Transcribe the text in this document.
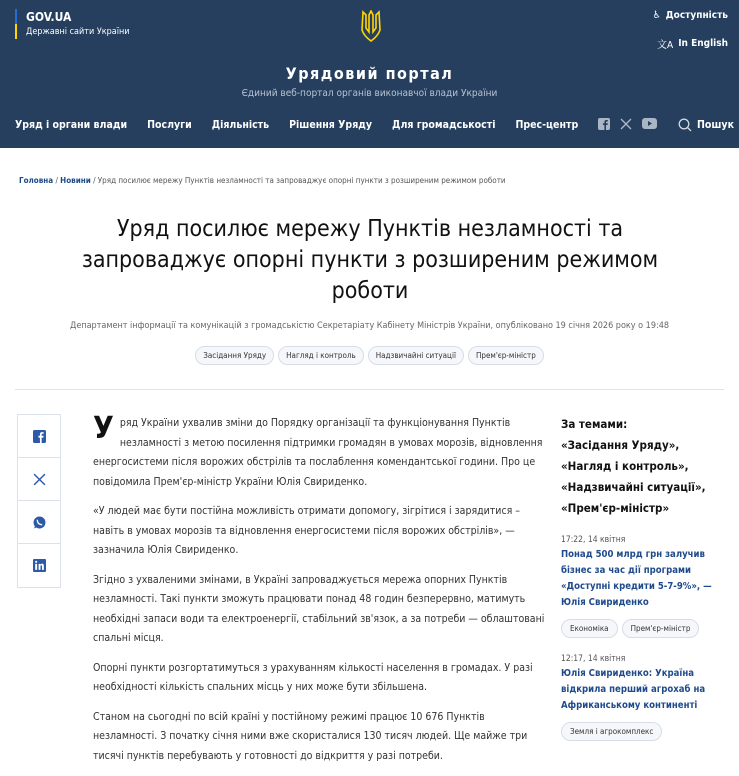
GOV.UA
Державні сайти України
♿ Доступність
文A In English
Урядовий портал
Єдиний веб-портал органів виконавчої влади України
Уряд і органи влади Послуги Діяльність Рішення Уряду Для громадськості Прес-центр	Пошук
Головна / Новини / Уряд посилює мережу Пунктів незламності та запроваджує опорні пункти з розширеним режимом роботи
Уряд посилює мережу Пунктів незламності та запроваджує опорні пункти з розширеним режимом роботи
Департамент інформації та комунікацій з громадськістю Секретаріату Кабінету Міністрів України, опубліковано 19 січня 2026 року о 19:48
Засідання Уряду	Нагляд і контроль	Надзвичайні ситуації	Прем'єр-міністр

Уряд України ухвалив зміни до Порядку організації та функціонування Пунктів незламності з метою посилення підтримки громадян в умовах морозів, відновлення енергосистеми після ворожих обстрілів та послаблення комендантської години. Про це повідомила Прем'єр-міністр України Юлія Свириденко.

«У людей має бути постійна можливість отримати допомогу, зігрітися і зарядитися – навіть в умовах морозів та відновлення енергосистеми після ворожих обстрілів», — зазначила Юлія Свириденко.

Згідно з ухваленими змінами, в Україні запроваджується мережа опорних Пунктів незламності. Такі пункти зможуть працювати понад 48 годин безперервно, матимуть необхідні запаси води та електроенергії, стабільний зв'язок, а за потреби — облаштовані спальні місця.

Опорні пункти розгортатимуться з урахуванням кількості населення в громадах. У разі необхідності кількість спальних місць у них може бути збільшена.

Станом на сьогодні по всій країні у постійному режимі працює 10 676 Пунктів незламності. З початку січня ними вже скористалися 130 тисяч людей. Ще майже три тисячі пунктів перебувають у готовності до відкриття у разі потреби.

За темами:
«Засідання Уряду»,
«Нагляд і контроль»,
«Надзвичайні ситуації»,
«Прем'єр-міністр»
17:22, 14 квітня
Понад 500 млрд грн залучив бізнес за час дії програми «Доступні кредити 5-7-9%», — Юлія Свириденко
Економіка	Прем'єр-міністр
12:17, 14 квітня
Юлія Свириденко: Україна відкрила перший агрохаб на Африканському континенті
Земля і агрокомплекс
